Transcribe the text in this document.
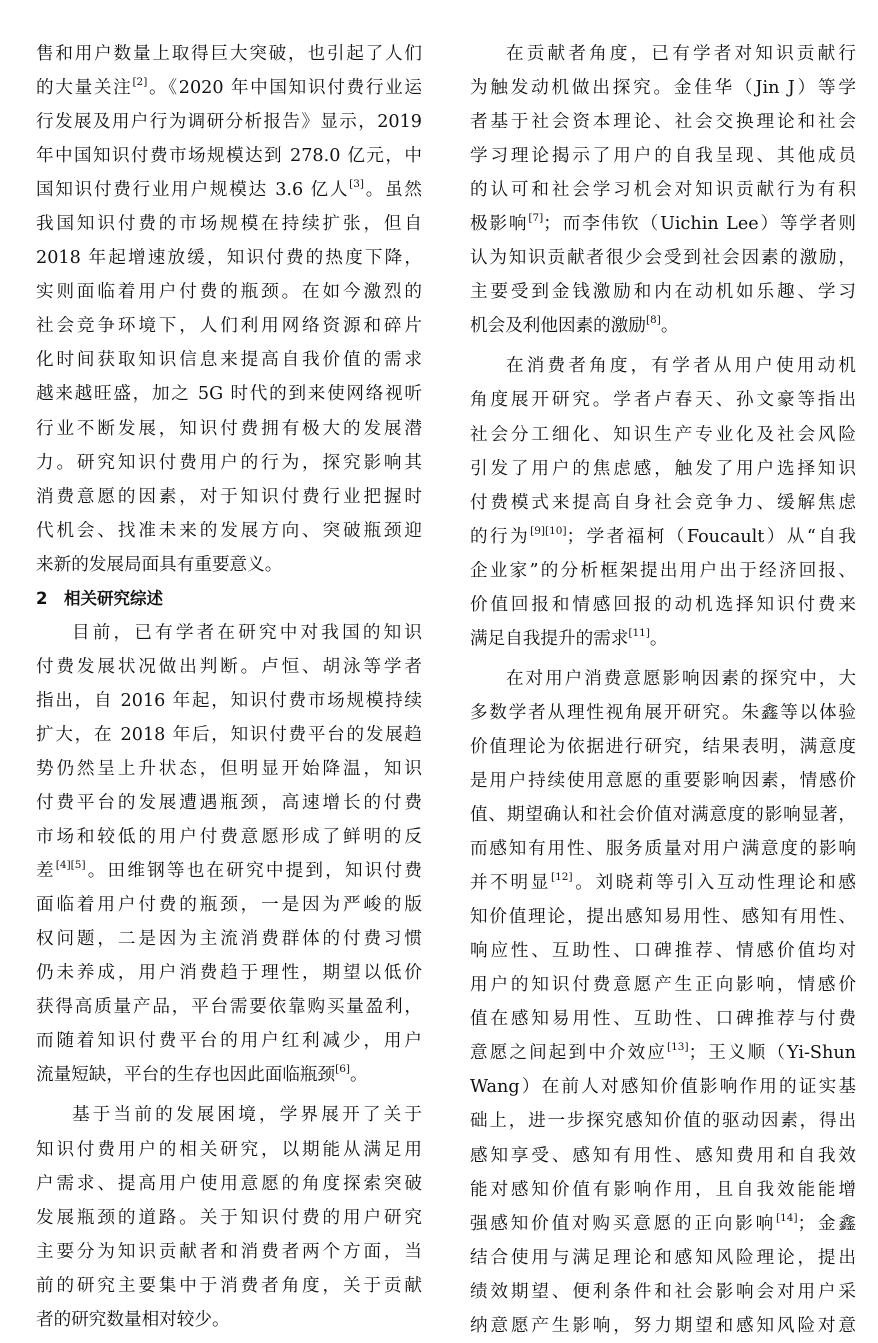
售和用户数量上取得巨大突破，也引起了人们
的大量关注[2]。《2020 年中国知识付费行业运
行发展及用户行为调研分析报告》显示，2019
年中国知识付费市场规模达到 278.0 亿元，中
国知识付费行业用户规模达 3.6 亿人[3]。虽然
我国知识付费的市场规模在持续扩张，但自
2018 年起增速放缓，知识付费的热度下降，
实则面临着用户付费的瓶颈。在如今激烈的
社会竞争环境下，人们利用网络资源和碎片
化时间获取知识信息来提高自我价值的需求
越来越旺盛，加之 5G 时代的到来使网络视听
行业不断发展，知识付费拥有极大的发展潜
力。研究知识付费用户的行为，探究影响其
消费意愿的因素，对于知识付费行业把握时
代机会、找准未来的发展方向、突破瓶颈迎
来新的发展局面具有重要意义。
2　相关研究综述
目前，已有学者在研究中对我国的知识
付费发展状况做出判断。卢恒、胡泳等学者
指出，自 2016 年起，知识付费市场规模持续
扩大，在 2018 年后，知识付费平台的发展趋
势仍然呈上升状态，但明显开始降温，知识
付费平台的发展遭遇瓶颈，高速增长的付费
市场和较低的用户付费意愿形成了鲜明的反
差[4][5]。田维钢等也在研究中提到，知识付费
面临着用户付费的瓶颈，一是因为严峻的版
权问题，二是因为主流消费群体的付费习惯
仍未养成，用户消费趋于理性，期望以低价
获得高质量产品，平台需要依靠购买量盈利，
而随着知识付费平台的用户红利减少，用户
流量短缺，平台的生存也因此面临瓶颈[6]。
基于当前的发展困境，学界展开了关于
知识付费用户的相关研究，以期能从满足用
户需求、提高用户使用意愿的角度探索突破
发展瓶颈的道路。关于知识付费的用户研究
主要分为知识贡献者和消费者两个方面，当
前的研究主要集中于消费者角度，关于贡献
者的研究数量相对较少。
在贡献者角度，已有学者对知识贡献行
为触发动机做出探究。金佳华（Jin J）等学
者基于社会资本理论、社会交换理论和社会
学习理论揭示了用户的自我呈现、其他成员
的认可和社会学习机会对知识贡献行为有积
极影响[7]；而李伟钦（Uichin Lee）等学者则
认为知识贡献者很少会受到社会因素的激励，
主要受到金钱激励和内在动机如乐趣、学习
机会及利他因素的激励[8]。
在消费者角度，有学者从用户使用动机
角度展开研究。学者卢春天、孙文豪等指出
社会分工细化、知识生产专业化及社会风险
引发了用户的焦虑感，触发了用户选择知识
付费模式来提高自身社会竞争力、缓解焦虑
的行为[9][10]；学者福柯（Foucault）从“自我
企业家”的分析框架提出用户出于经济回报、
价值回报和情感回报的动机选择知识付费来
满足自我提升的需求[11]。
在对用户消费意愿影响因素的探究中，大
多数学者从理性视角展开研究。朱鑫等以体验
价值理论为依据进行研究，结果表明，满意度
是用户持续使用意愿的重要影响因素，情感价
值、期望确认和社会价值对满意度的影响显著，
而感知有用性、服务质量对用户满意度的影响
并不明显[12]。刘晓莉等引入互动性理论和感
知价值理论，提出感知易用性、感知有用性、
响应性、互助性、口碑推荐、情感价值均对
用户的知识付费意愿产生正向影响，情感价
值在感知易用性、互助性、口碑推荐与付费
意愿之间起到中介效应[13]；王义顺（Yi-Shun
Wang）在前人对感知价值影响作用的证实基
础上，进一步探究感知价值的驱动因素，得出
感知享受、感知有用性、感知费用和自我效
能对感知价值有影响作用，且自我效能能增
强感知价值对购买意愿的正向影响[14]；金鑫
结合使用与满足理论和感知风险理论，提出
绩效期望、便利条件和社会影响会对用户采
纳意愿产生影响，努力期望和感知风险对意
